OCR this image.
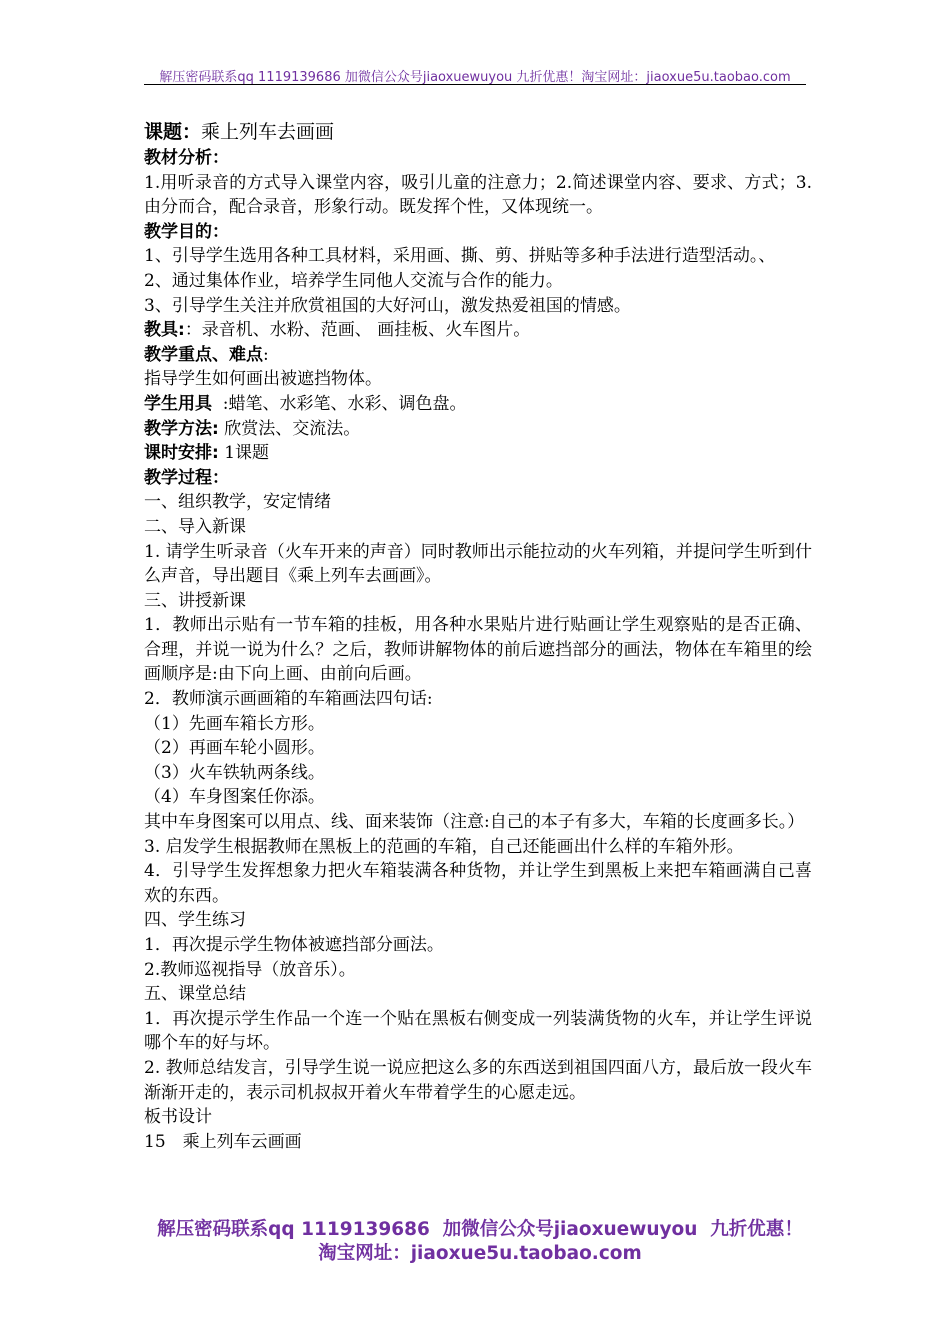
解压密码联系qq 1119139686 加微信公众号jiaoxuewuyou 九折优惠！淘宝网址：jiaoxue5u.taobao.com

课题：乘上列车去画画

教材分析：

1.用听录音的方式导入课堂内容，吸引儿童的注意力；2.简述课堂内容、要求、方式；3.由分而合，配合录音，形象行动。既发挥个性，又体现统一。

教学目的：

1、引导学生选用各种工具材料，采用画、撕、剪、拼贴等多种手法进行造型活动。、

2、通过集体作业，培养学生同他人交流与合作的能力。

3、引导学生关注并欣赏祖国的大好河山，激发热爱祖国的情感。

教具:：录音机、水粉、范画、 画挂板、火车图片。

教学重点、难点:

指导学生如何画出被遮挡物体。

学生用具  :蜡笔、水彩笔、水彩、调色盘。

教学方法: 欣赏法、交流法。

课时安排: 1课题

教学过程：

一、组织教学，安定情绪

二、导入新课

1. 请学生听录音（火车开来的声音）同时教师出示能拉动的火车列箱，并提问学生听到什么声音，导出题目《乘上列车去画画》。

三、讲授新课

1．教师出示贴有一节车箱的挂板，用各种水果贴片进行贴画让学生观察贴的是否正确、合理，并说一说为什么？之后，教师讲解物体的前后遮挡部分的画法，物体在车箱里的绘画顺序是:由下向上画、由前向后画。

2．教师演示画画箱的车箱画法四句话:

（1）先画车箱长方形。

（2）再画车轮小圆形。

（3）火车铁轨两条线。

（4）车身图案任你添。

其中车身图案可以用点、线、面来装饰（注意:自己的本子有多大，车箱的长度画多长。）

3. 启发学生根据教师在黑板上的范画的车箱，自己还能画出什么样的车箱外形。

4．引导学生发挥想象力把火车箱装满各种货物，并让学生到黑板上来把车箱画满自己喜欢的东西。

四、学生练习

1．再次提示学生物体被遮挡部分画法。

2.教师巡视指导（放音乐）。

五、课堂总结

1．再次提示学生作品一个连一个贴在黑板右侧变成一列装满货物的火车，并让学生评说哪个车的好与坏。

2. 教师总结发言，引导学生说一说应把这么多的东西送到祖国四面八方，最后放一段火车渐渐开走的，表示司机叔叔开着火车带着学生的心愿走远。

板书设计

15　乘上列车云画画

解压密码联系qq 1119139686  加微信公众号jiaoxuewuyou  九折优惠！
淘宝网址：jiaoxue5u.taobao.com
